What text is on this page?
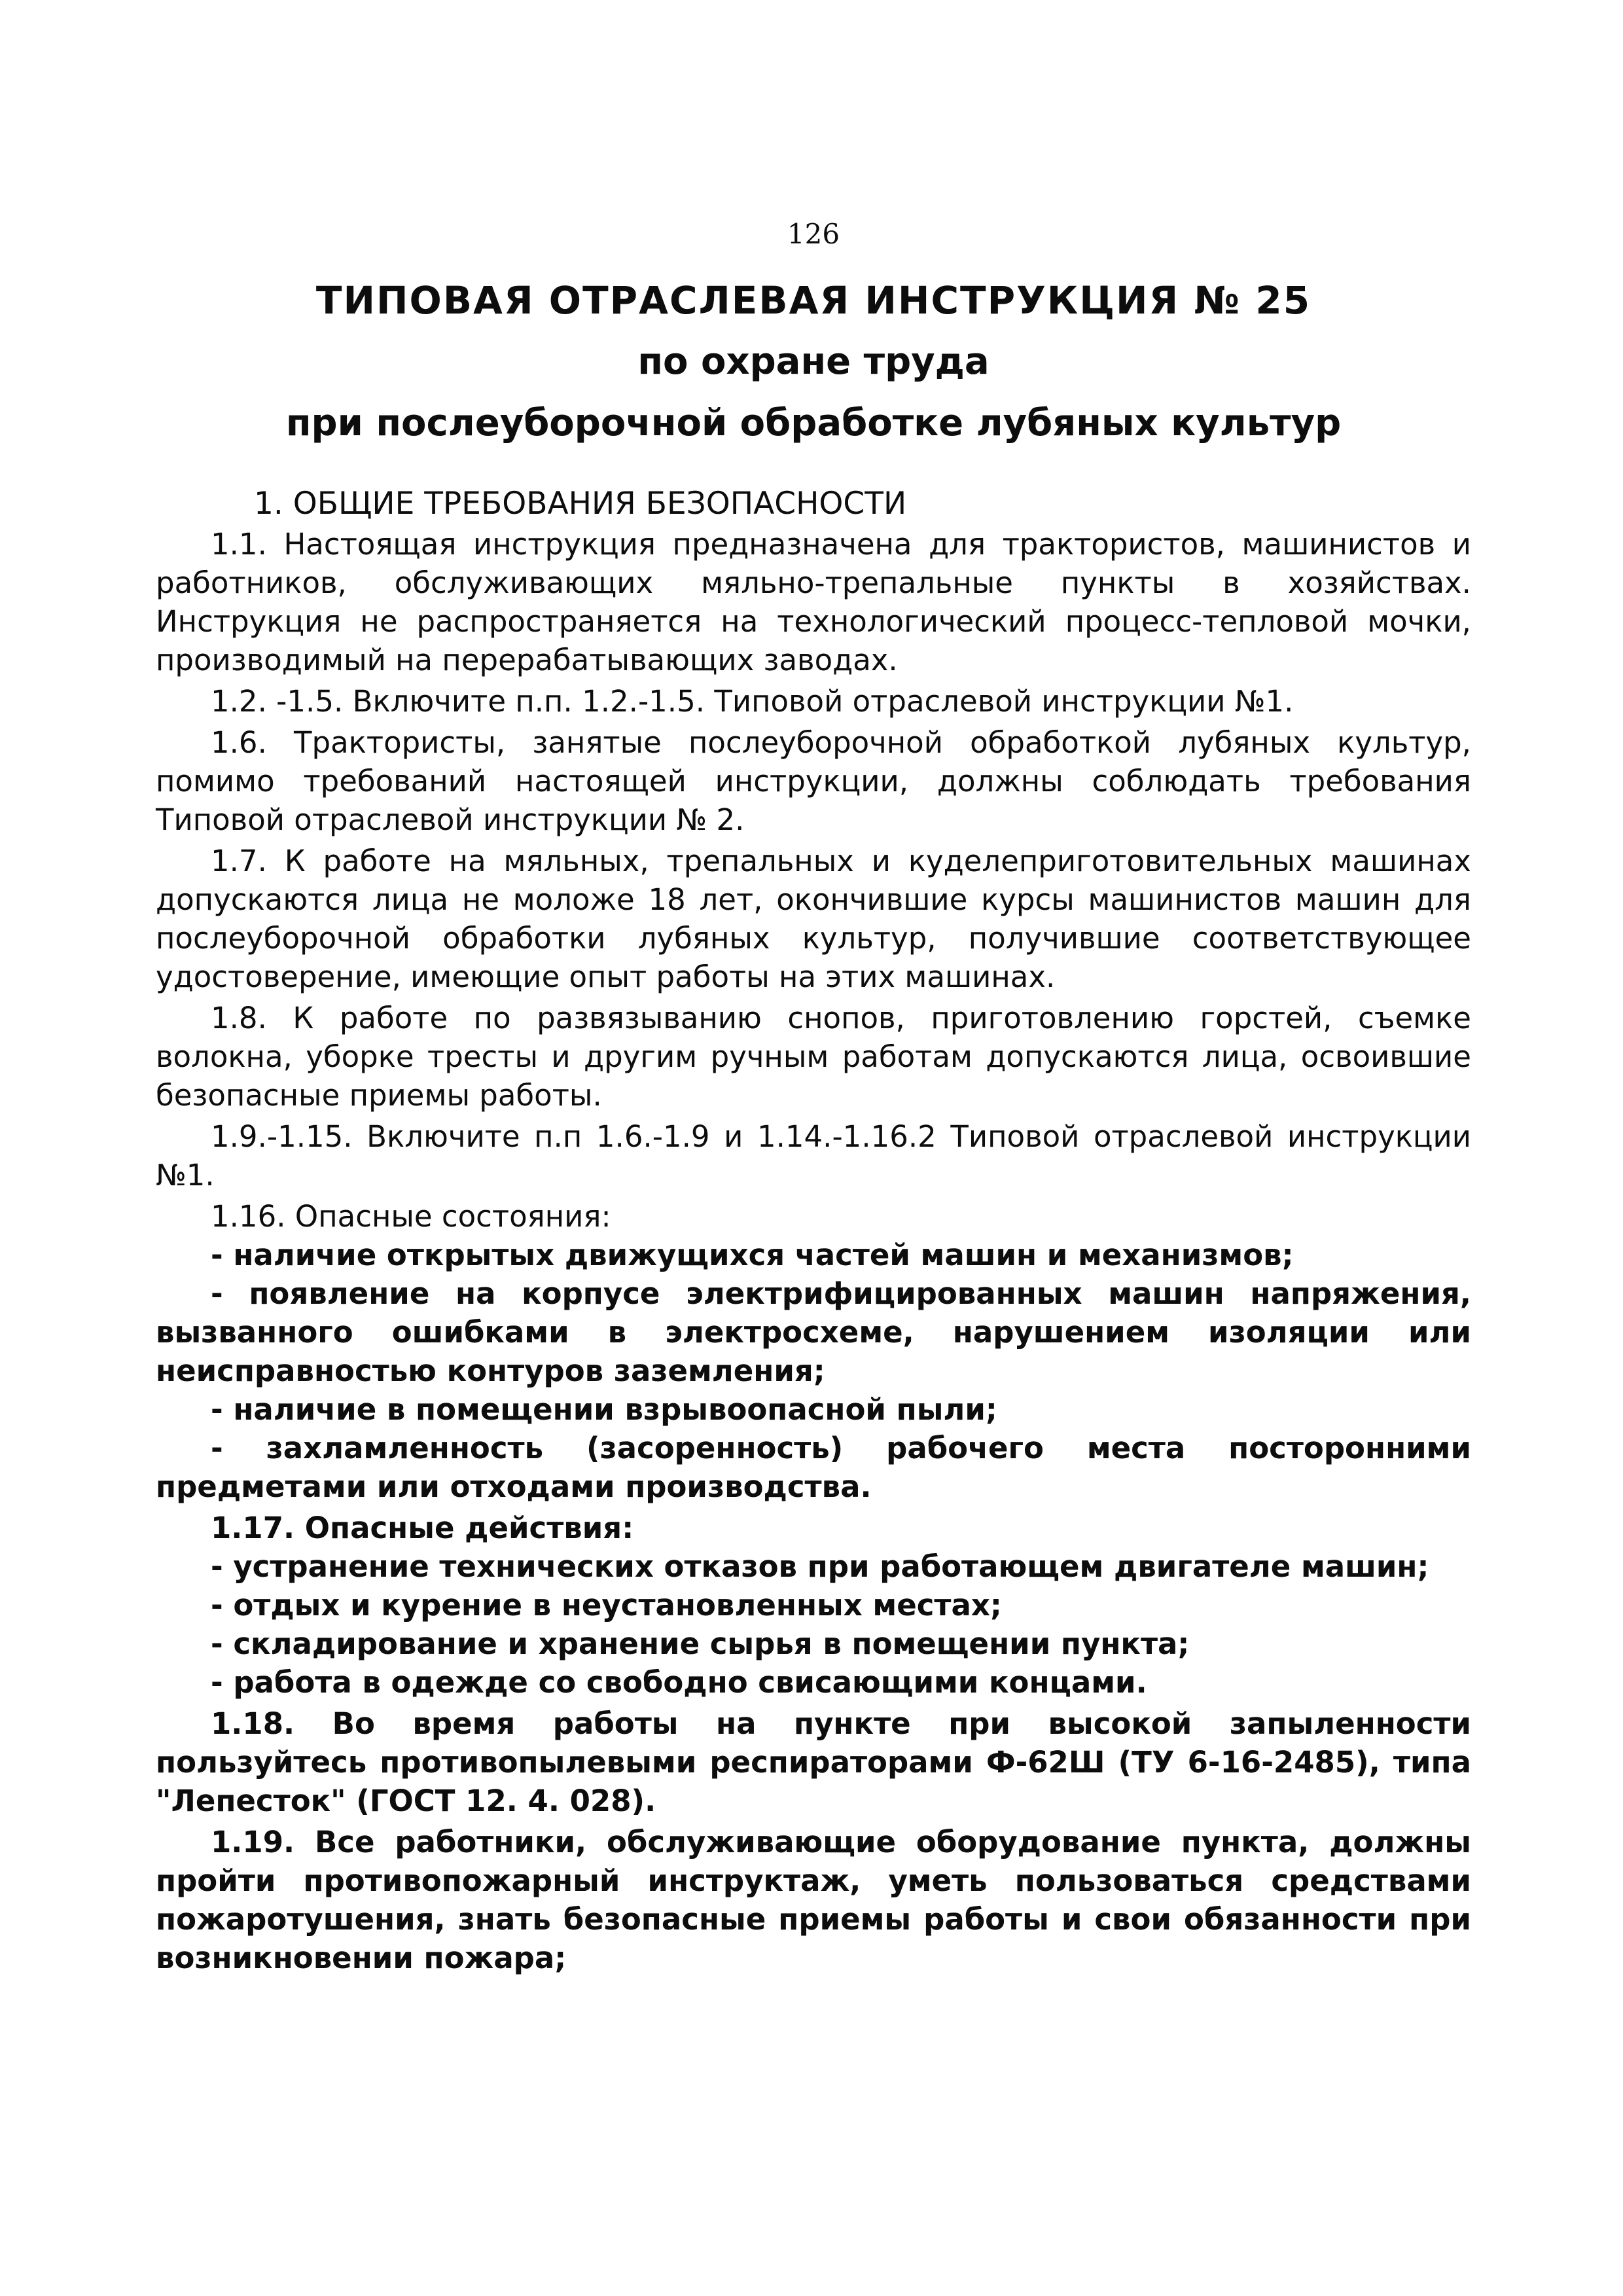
126
ТИПОВАЯ ОТРАСЛЕВАЯ ИНСТРУКЦИЯ № 25
по охране труда
при послеуборочной обработке лубяных культур
1. ОБЩИЕ ТРЕБОВАНИЯ БЕЗОПАСНОСТИ

1.1. Настоящая инструкция предназначена для трактористов, машинистов и работников, обслуживающих мяльно-трепальные пункты в хозяйствах. Инструкция не распространяется на технологический процесс-тепловой мочки, производимый на перерабатывающих заводах.

1.2. -1.5. Включите п.п. 1.2.-1.5. Типовой отраслевой инструкции №1.

1.6. Трактористы, занятые послеуборочной обработкой лубяных культур, помимо требований настоящей инструкции, должны соблюдать требования Типовой отраслевой инструкции № 2.

1.7. К работе на мяльных, трепальных и куделеприготовительных машинах допускаются лица не моложе 18 лет, окончившие курсы машинистов машин для послеуборочной обработки лубяных культур, получившие соответствующее удостоверение, имеющие опыт работы на этих машинах.

1.8. К работе по развязыванию снопов, приготовлению горстей, съемке волокна, уборке тресты и другим ручным работам допускаются лица, освоившие безопасные приемы работы.

1.9.-1.15. Включите п.п 1.6.-1.9 и 1.14.-1.16.2 Типовой отраслевой инструкции №1.

1.16. Опасные состояния:

- наличие открытых движущихся частей машин и механизмов;

- появление на корпусе электрифицированных машин напряжения, вызванного ошибками в электросхеме, нарушением изоляции или неисправностью контуров заземления;

- наличие в помещении взрывоопасной пыли;

- захламленность (засоренность) рабочего места посторонними предметами или отходами производства.

1.17. Опасные действия:

- устранение технических отказов при работающем двигателе машин;

- отдых и курение в неустановленных местах;

- складирование и хранение сырья в помещении пункта;

- работа в одежде со свободно свисающими концами.

1.18. Во время работы на пункте при высокой запыленности пользуйтесь противопылевыми респираторами Ф-62Ш (ТУ 6-16-2485), типа "Лепесток" (ГОСТ 12. 4. 028).

1.19. Все работники, обслуживающие оборудование пункта, должны пройти противопожарный инструктаж, уметь пользоваться средствами пожаротушения, знать безопасные приемы работы и свои обязанности при возникновении пожара;
